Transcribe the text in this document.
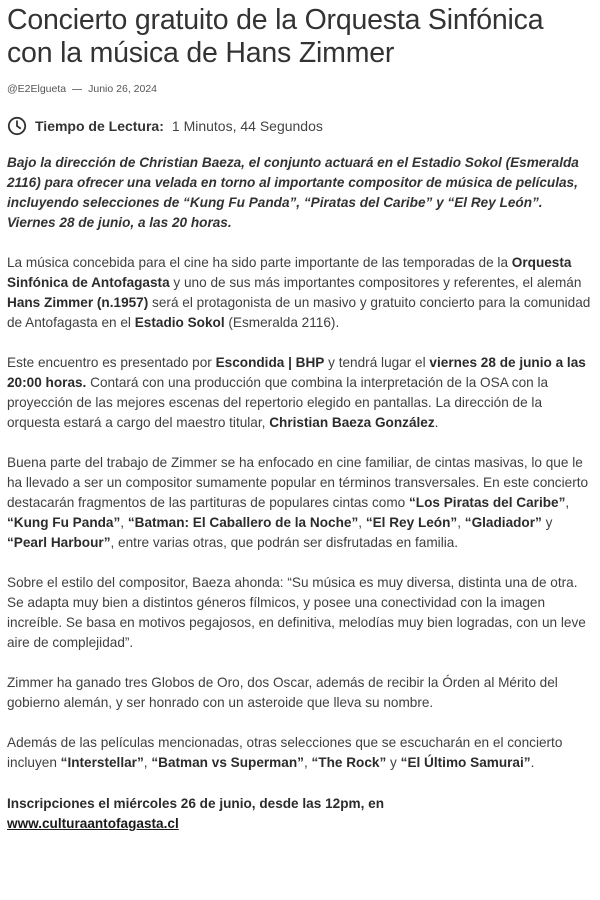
Concierto gratuito de la Orquesta Sinfónica con la música de Hans Zimmer
@E2Elgueta Junio 26, 2024
Tiempo de Lectura: 1 Minutos, 44 Segundos

Bajo la dirección de Christian Baeza, el conjunto actuará en el Estadio Sokol (Esmeralda 2116) para ofrecer una velada en torno al importante compositor de música de películas, incluyendo selecciones de “Kung Fu Panda”, “Piratas del Caribe” y “El Rey León”. Viernes 28 de junio, a las 20 horas.

La música concebida para el cine ha sido parte importante de las temporadas de la Orquesta Sinfónica de Antofagasta y uno de sus más importantes compositores y referentes, el alemán Hans Zimmer (n.1957) será el protagonista de un masivo y gratuito concierto para la comunidad de Antofagasta en el Estadio Sokol (Esmeralda 2116).

Este encuentro es presentado por Escondida | BHP y tendrá lugar el viernes 28 de junio a las 20:00 horas. Contará con una producción que combina la interpretación de la OSA con la proyección de las mejores escenas del repertorio elegido en pantallas. La dirección de la orquesta estará a cargo del maestro titular, Christian Baeza González.

Buena parte del trabajo de Zimmer se ha enfocado en cine familiar, de cintas masivas, lo que le ha llevado a ser un compositor sumamente popular en términos transversales. En este concierto destacarán fragmentos de las partituras de populares cintas como “Los Piratas del Caribe”, “Kung Fu Panda”, “Batman: El Caballero de la Noche”, “El Rey León”, “Gladiador” y “Pearl Harbour”, entre varias otras, que podrán ser disfrutadas en familia.

Sobre el estilo del compositor, Baeza ahonda: “Su música es muy diversa, distinta una de otra. Se adapta muy bien a distintos géneros fílmicos, y posee una conectividad con la imagen increíble. Se basa en motivos pegajosos, en definitiva, melodías muy bien logradas, con un leve aire de complejidad”.

Zimmer ha ganado tres Globos de Oro, dos Oscar, además de recibir la Órden al Mérito del gobierno alemán, y ser honrado con un asteroide que lleva su nombre.

Además de las películas mencionadas, otras selecciones que se escucharán en el concierto incluyen “Interstellar”, “Batman vs Superman”, “The Rock” y “El Último Samurai”.

Inscripciones el miércoles 26 de junio, desde las 12pm, en
www.culturaantofagasta.cl
